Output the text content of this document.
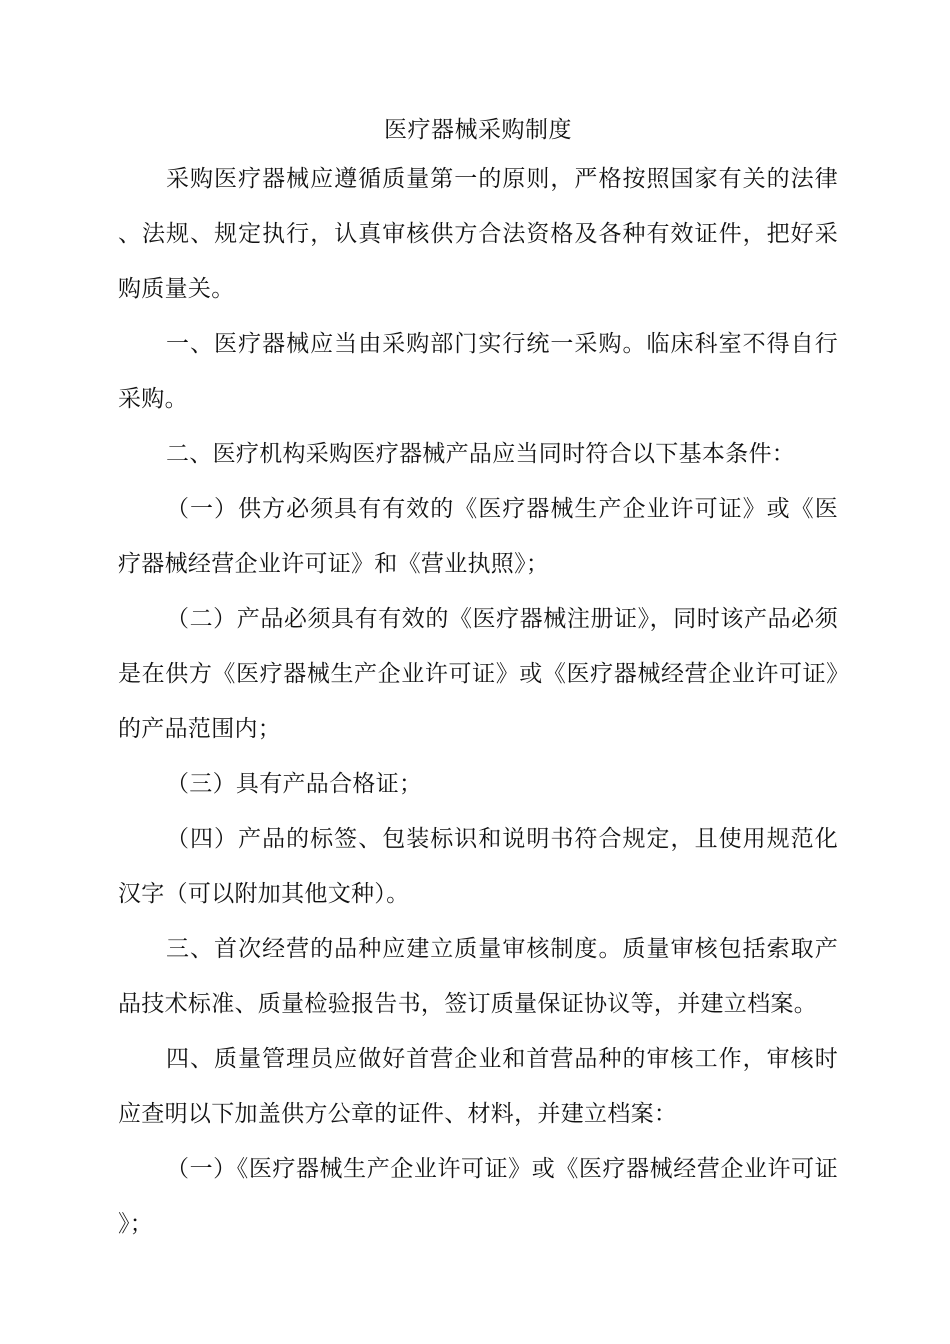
医疗器械采购制度

采购医疗器械应遵循质量第一的原则，严格按照国家有关的法律、法规、规定执行，认真审核供方合法资格及各种有效证件，把好采购质量关。

一、医疗器械应当由采购部门实行统一采购。临床科室不得自行采购。

二、医疗机构采购医疗器械产品应当同时符合以下基本条件：

（一）供方必须具有有效的《医疗器械生产企业许可证》或《医疗器械经营企业许可证》和《营业执照》；

（二）产品必须具有有效的《医疗器械注册证》，同时该产品必须是在供方《医疗器械生产企业许可证》或《医疗器械经营企业许可证》的产品范围内；

（三）具有产品合格证；

（四）产品的标签、包装标识和说明书符合规定，且使用规范化汉字（可以附加其他文种）。

三、首次经营的品种应建立质量审核制度。质量审核包括索取产品技术标准、质量检验报告书，签订质量保证协议等，并建立档案。

四、质量管理员应做好首营企业和首营品种的审核工作，审核时应查明以下加盖供方公章的证件、材料，并建立档案：

（一）《医疗器械生产企业许可证》或《医疗器械经营企业许可证》；
